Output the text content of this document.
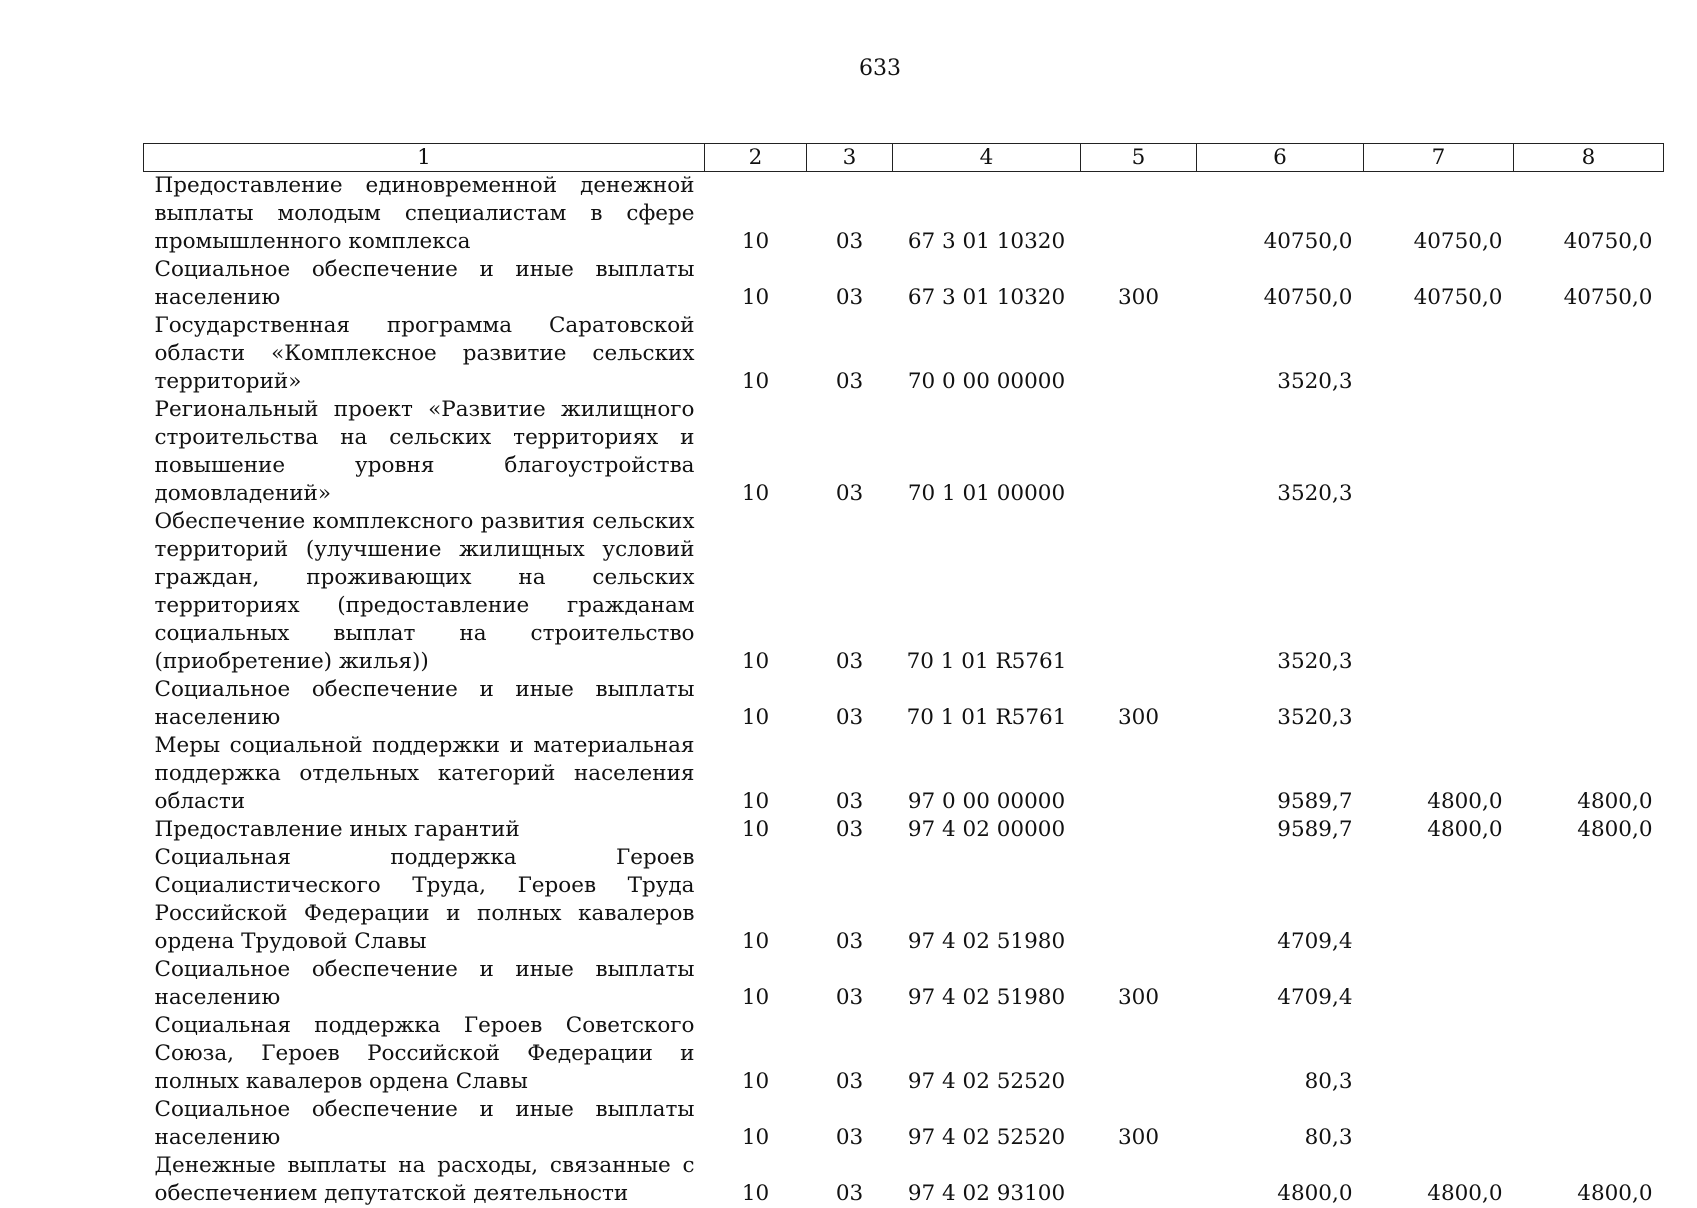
633
1	2	3	4	5	6	7	8
Предоставление единовременной денежной выплаты молодым специалистам в сфере промышленного комплекса	10	03	67 3 01 10320		40750,0	40750,0	40750,0
Социальное обеспечение и иные выплаты населению	10	03	67 3 01 10320	300	40750,0	40750,0	40750,0
Государственная программа Саратовской области «Комплексное развитие сельских территорий»	10	03	70 0 00 00000		3520,3		
Региональный проект «Развитие жилищного строительства на сельских территориях и повышение уровня благоустройства домовладений»	10	03	70 1 01 00000		3520,3		
Обеспечение комплексного развития сельских территорий (улучшение жилищных условий граждан, проживающих на сельских территориях (предоставление гражданам социальных выплат на строительство (приобретение) жилья))	10	03	70 1 01 R5761		3520,3		
Социальное обеспечение и иные выплаты населению	10	03	70 1 01 R5761	300	3520,3		
Меры социальной поддержки и материальная поддержка отдельных категорий населения области	10	03	97 0 00 00000		9589,7	4800,0	4800,0
Предоставление иных гарантий	10	03	97 4 02 00000		9589,7	4800,0	4800,0
Социальная поддержка Героев Социалистического Труда, Героев Труда Российской Федерации и полных кавалеров ордена Трудовой Славы	10	03	97 4 02 51980		4709,4		
Социальное обеспечение и иные выплаты населению	10	03	97 4 02 51980	300	4709,4		
Социальная поддержка Героев Советского Союза, Героев Российской Федерации и полных кавалеров ордена Славы	10	03	97 4 02 52520		80,3		
Социальное обеспечение и иные выплаты населению	10	03	97 4 02 52520	300	80,3		
Денежные выплаты на расходы, связанные с обеспечением депутатской деятельности	10	03	97 4 02 93100		4800,0	4800,0	4800,0
